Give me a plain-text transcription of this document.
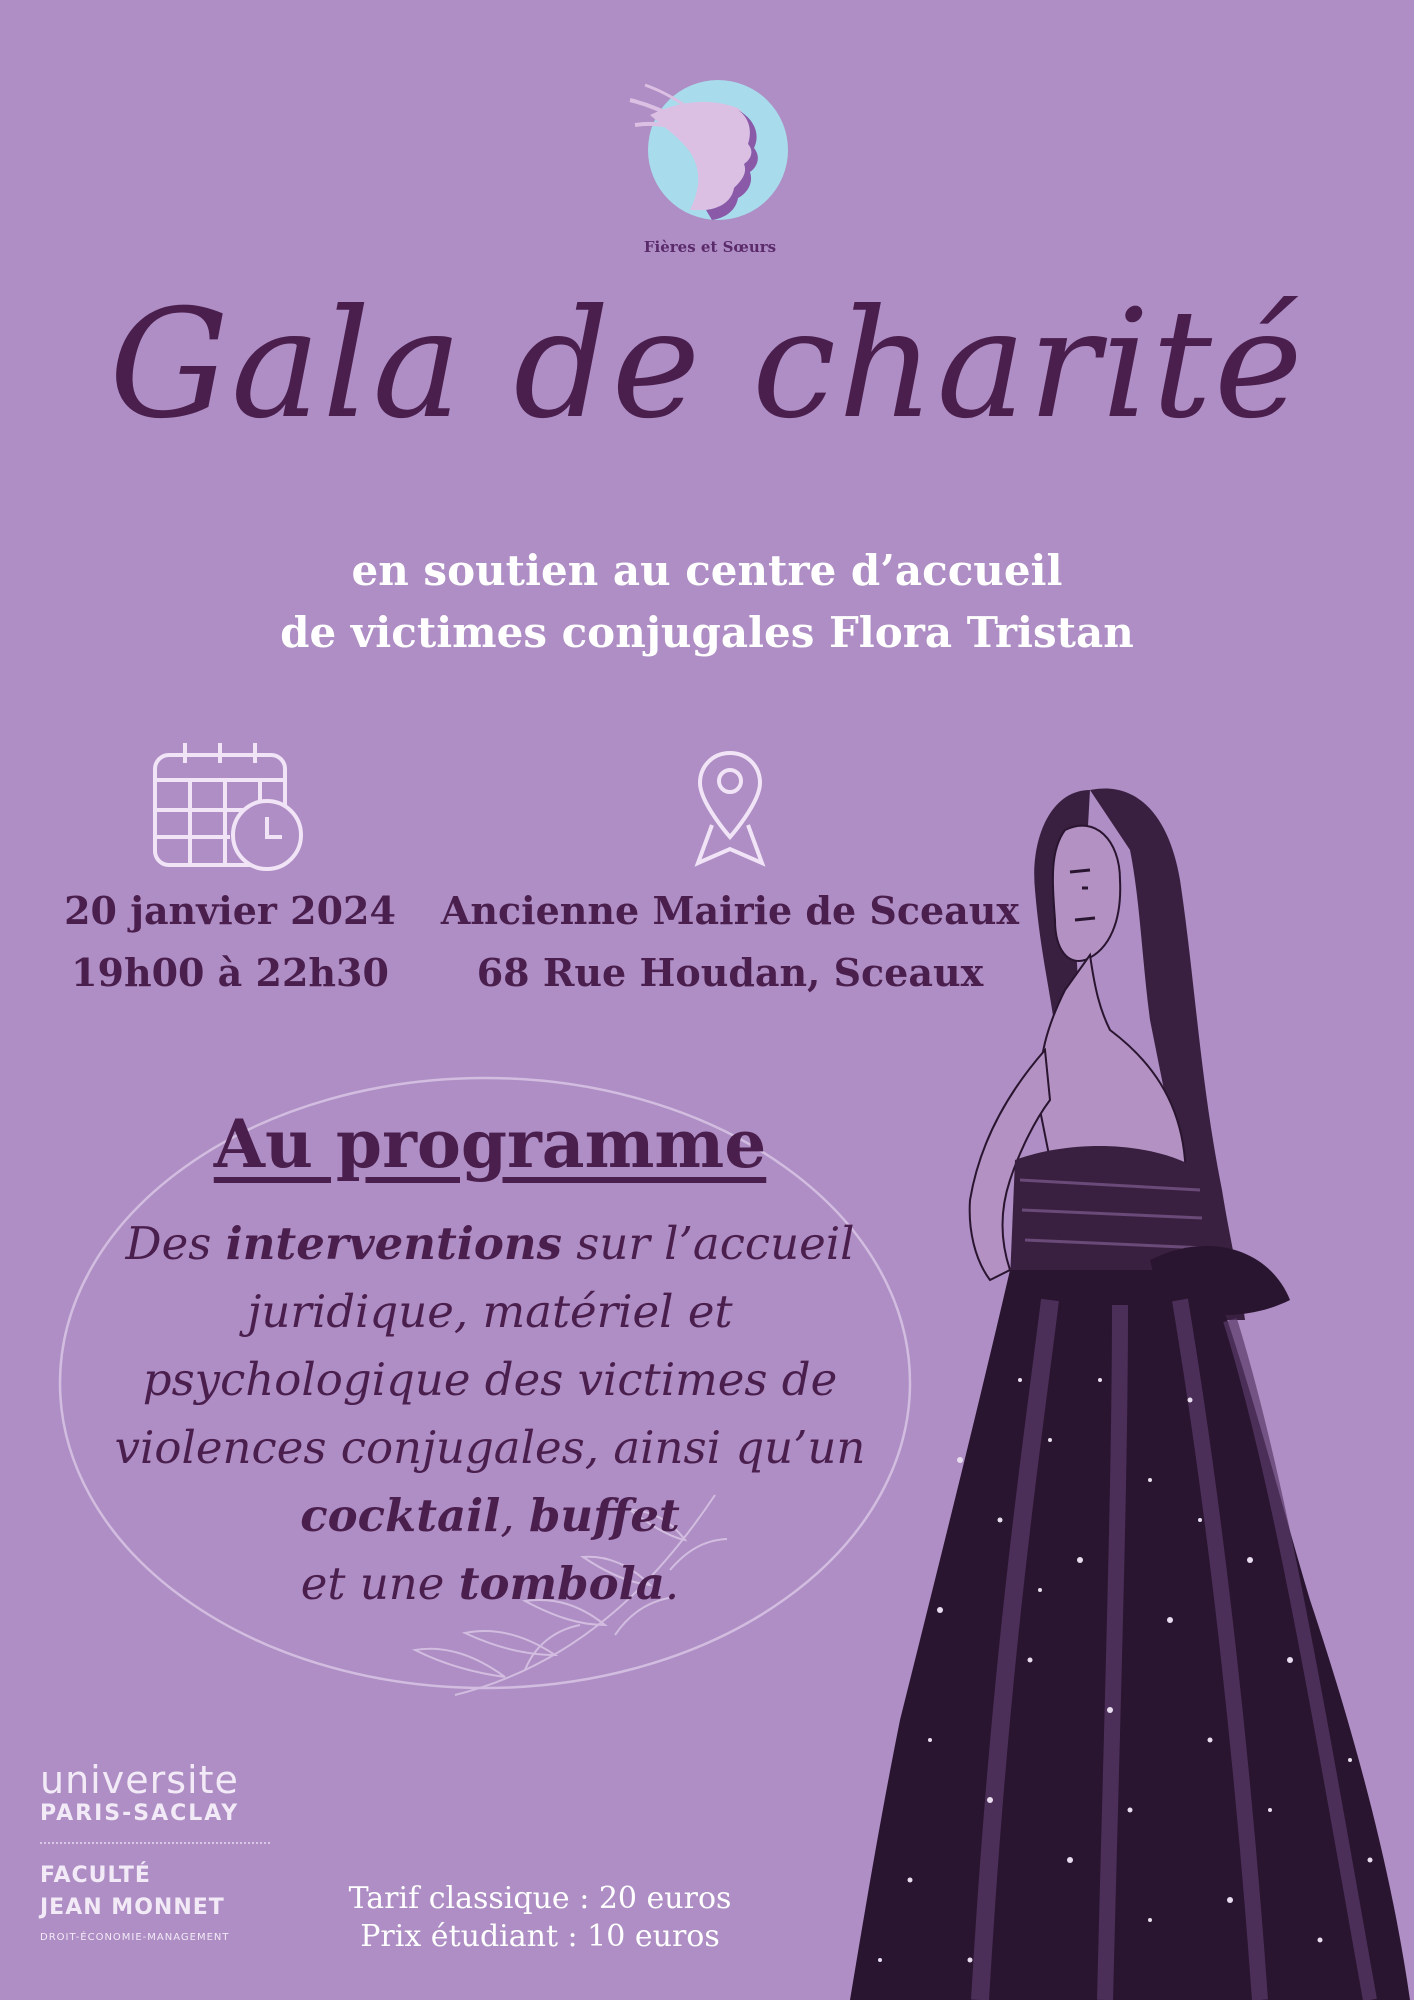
Fières et Sœurs
Gala de charité
en soutien au centre d’accueil
de victimes conjugales Flora Tristan
20 janvier 2024
19h00 à 22h30
Ancienne Mairie de Sceaux
68 Rue Houdan, Sceaux
Au programme
Des interventions sur l’accueil juridique, matériel et psychologique des victimes de violences conjugales, ainsi qu’un cocktail, buffet
et une tombola.
universite
PARIS-SACLAY
FACULTÉ
JEAN MONNET
DROIT-ÉCONOMIE-MANAGEMENT
Tarif classique : 20 euros
Prix étudiant : 10 euros
